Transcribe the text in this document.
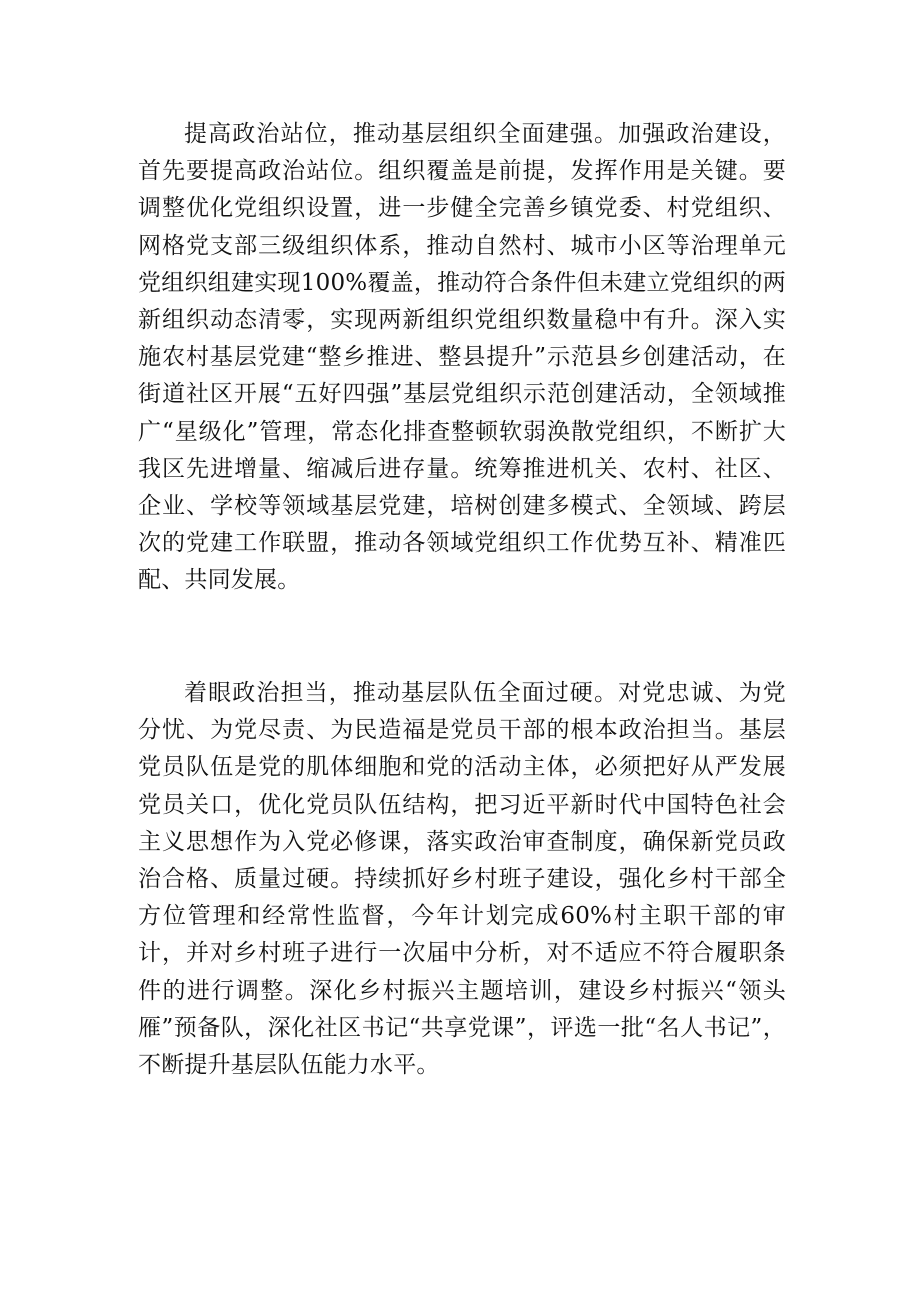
提高政治站位，推动基层组织全面建强。加强政治建设，首先要提高政治站位。组织覆盖是前提，发挥作用是关键。要调整优化党组织设置，进一步健全完善乡镇党委、村党组织、网格党支部三级组织体系，推动自然村、城市小区等治理单元党组织组建实现100%覆盖，推动符合条件但未建立党组织的两新组织动态清零，实现两新组织党组织数量稳中有升。深入实施农村基层党建“整乡推进、整县提升”示范县乡创建活动，在街道社区开展“五好四强”基层党组织示范创建活动，全领域推广“星级化”管理，常态化排查整顿软弱涣散党组织，不断扩大我区先进增量、缩减后进存量。统筹推进机关、农村、社区、企业、学校等领域基层党建，培树创建多模式、全领域、跨层次的党建工作联盟，推动各领域党组织工作优势互补、精准匹配、共同发展。

着眼政治担当，推动基层队伍全面过硬。对党忠诚、为党分忧、为党尽责、为民造福是党员干部的根本政治担当。基层党员队伍是党的肌体细胞和党的活动主体，必须把好从严发展党员关口，优化党员队伍结构，把习近平新时代中国特色社会主义思想作为入党必修课，落实政治审查制度，确保新党员政治合格、质量过硬。持续抓好乡村班子建设，强化乡村干部全方位管理和经常性监督，今年计划完成60%村主职干部的审计，并对乡村班子进行一次届中分析，对不适应不符合履职条件的进行调整。深化乡村振兴主题培训，建设乡村振兴“领头雁”预备队，深化社区书记“共享党课”，评选一批“名人书记”，不断提升基层队伍能力水平。
